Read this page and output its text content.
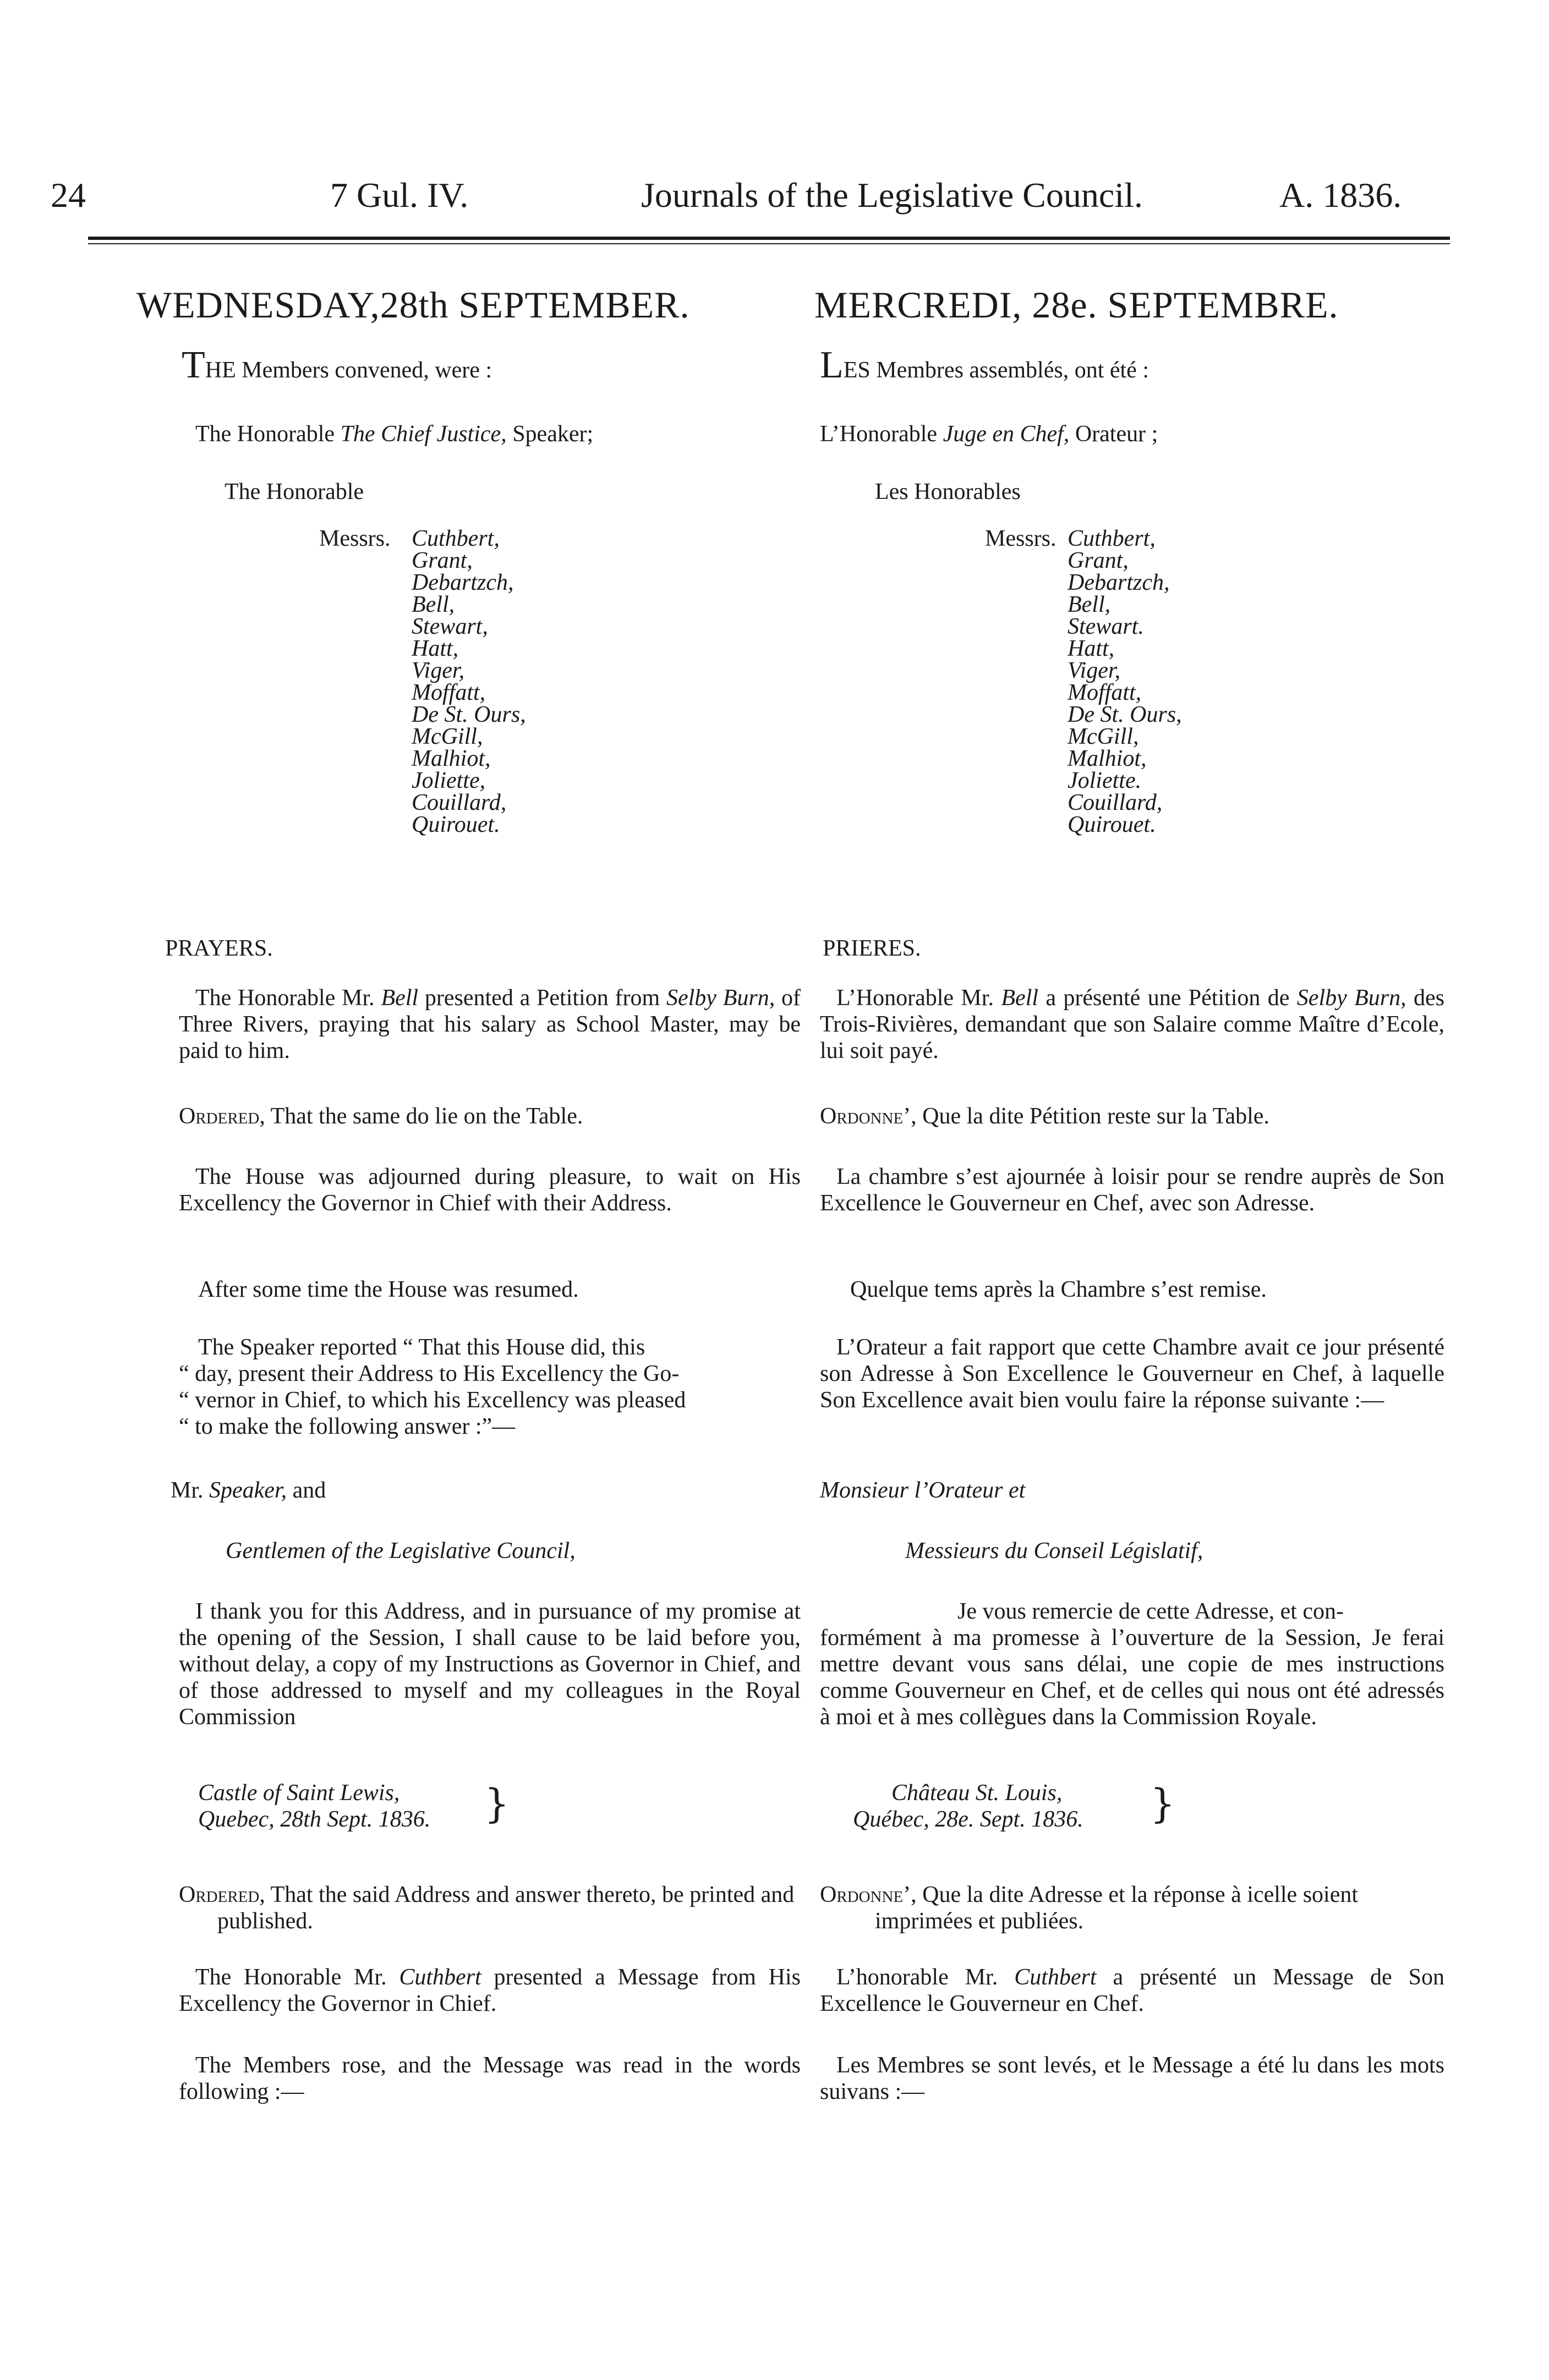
24	7 Gul. IV.	Journals of the Legislative Council.	A. 1836.
WEDNESDAY,28th SEPTEMBER.
THE Members convened, were :
The Honorable The Chief Justice, Speaker;
The Honorable
Messrs. Cuthbert,
Grant,
Debartzch,
Bell,
Stewart,
Hatt,
Viger,
Moffatt,
De St. Ours,
McGill,
Malhiot,
Joliette,
Couillard,
Quirouet.
PRAYERS.
The Honorable Mr. Bell presented a Petition from Selby Burn, of Three Rivers, praying that his salary as School Master, may be paid to him.
Ordered, That the same do lie on the Table.
The House was adjourned during pleasure, to wait on His Excellency the Governor in Chief with their Address.
After some time the House was resumed.
The Speaker reported “ That this House did, this
“ day, present their Address to His Excellency the Go-
“ vernor in Chief, to which his Excellency was pleased
“ to make the following answer :”—
Mr. Speaker, and
Gentlemen of the Legislative Council,
I thank you for this Address, and in pursuance of my promise at the opening of the Session, I shall cause to be laid before you, without delay, a copy of my Instructions as Governor in Chief, and of those addressed to myself and my colleagues in the Royal Commission
Castle of Saint Lewis,
Quebec, 28th Sept. 1836. }
Ordered, That the said Address and answer thereto, be printed and published.
The Honorable Mr. Cuthbert presented a Message from His Excellency the Governor in Chief.
The Members rose, and the Message was read in the words following :—
MERCREDI, 28e. SEPTEMBRE.
LES Membres assemblés, ont été :
L’Honorable Juge en Chef, Orateur ;
Les Honorables
Messrs. Cuthbert,
Grant,
Debartzch,
Bell,
Stewart.
Hatt,
Viger,
Moffatt,
De St. Ours,
McGill,
Malhiot,
Joliette.
Couillard,
Quirouet.
PRIERES.
L’Honorable Mr. Bell a présenté une Pétition de Selby Burn, des Trois-Rivières, demandant que son Salaire comme Maître d’Ecole, lui soit payé.
Ordonne’, Que la dite Pétition reste sur la Table.
La chambre s’est ajournée à loisir pour se rendre auprès de Son Excellence le Gouverneur en Chef, avec son Adresse.
Quelque tems après la Chambre s’est remise.
L’Orateur a fait rapport que cette Chambre avait ce jour présenté son Adresse à Son Excellence le Gouverneur en Chef, à laquelle Son Excellence avait bien voulu faire la réponse suivante :—
Monsieur l’Orateur et
Messieurs du Conseil Législatif,
Je vous remercie de cette Adresse, et con-
formément à ma promesse à l’ouverture de la Session, Je ferai mettre devant vous sans délai, une copie de mes instructions comme Gouverneur en Chef, et de celles qui nous ont été adressés à moi et à mes collègues dans la Commission Royale.
Château St. Louis,
Québec, 28e. Sept. 1836. }
Ordonne’, Que la dite Adresse et la réponse à icelle soient imprimées et publiées.
L’honorable Mr. Cuthbert a présenté un Message de Son Excellence le Gouverneur en Chef.
Les Membres se sont levés, et le Message a été lu dans les mots suivans :—
